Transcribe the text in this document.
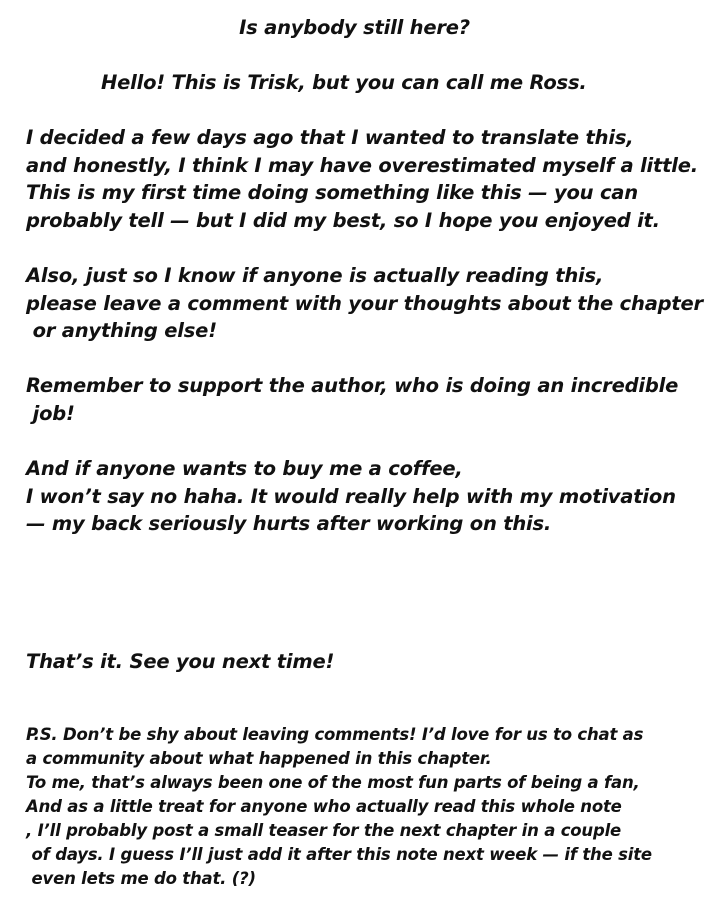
Is anybody still here?

Hello! This is Trisk, but you can call me Ross.

I decided a few days ago that I wanted to translate this,

and honestly, I think I may have overestimated myself a little.

This is my first time doing something like this — you can

probably tell — but I did my best, so I hope you enjoyed it.

Also, just so I know if anyone is actually reading this,

please leave a comment with your thoughts about the chapter

or anything else!

Remember to support the author, who is doing an incredible

job!

And if anyone wants to buy me a coffee,

I won’t say no haha. It would really help with my motivation

— my back seriously hurts after working on this.

That’s it. See you next time!

P.S. Don’t be shy about leaving comments! I’d love for us to chat as

a community about what happened in this chapter.

To me, that’s always been one of the most fun parts of being a fan,

And as a little treat for anyone who actually read this whole note

, I’ll probably post a small teaser for the next chapter in a couple

of days. I guess I’ll just add it after this note next week — if the site

even lets me do that. (?)
